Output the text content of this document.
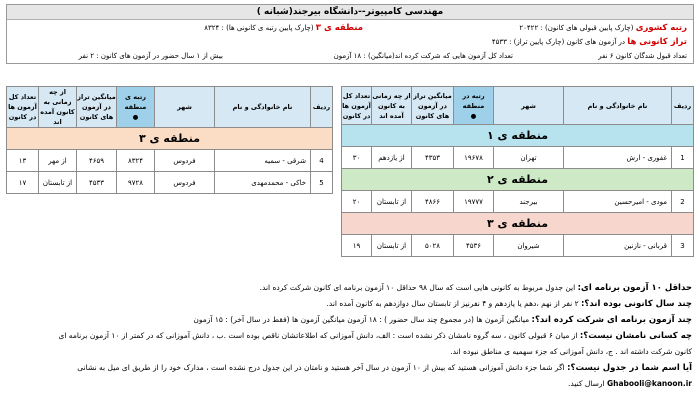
مهندسی کامپیوتر--دانشگاه بیرجند(شبانه )
رتبه کشوری (چارک پایین قبولی های کانون) : ۲۰۴۲۲
منطقه ی ۳ (چارک پایین رتبه ی کانونی ها) : ۸۳۲۴
تراز کانونی ها در آزمون های کانون (چارک پایین تراز) : ۴۵۳۳
تعداد قبول شدگان کانون ۶ نفر
تعداد کل آزمون هایی که شرکت کرده اند(میانگین) : ۱۸ آزمون
بیش از ۱ سال حضور در آزمون های کانون : ۲ نفر
ردیف	نام خانوادگی و نام	شهر	رتبه در منطقه
●	میانگین تراز در آزمون های کانون	از چه زمانی به کانون آمده اند	تعداد کل آزمون ها در کانون
منطقه ی ۱						
1	غفوری - ارش	تهران	۱۹۶۷۸	۴۳۵۳	از یازدهم	۳۰
منطقه ی ۲						
2	مودی - امیرحسین	بیرجند	۱۹۷۷۷	۴۸۶۶	از تابستان	۲۰
منطقه ی ۳						
3	قربانی - نازنین	شیروان	۴۵۳۶	۵۰۲۸	از تابستان	۱۹
ردیف	نام خانوادگی و نام	شهر	رتبه ی منطقه
●	میانگین تراز در آزمون های کانون	از چه زمانی به کانون آمده اند	تعداد کل آزمون ها در کانون
منطقه ی ۳						
4	شرقی - سمیه	فردوس	۸۳۲۴	۴۶۵۹	از مهر	۱۳
5	خاکی - محمدمهدی	فردوس	۹۷۲۸	۴۵۳۳	از تابستان	۱۷
حداقل ۱۰ آزمون برنامه ای: این جدول مربوط به کانونی هایی است که سال ۹۸ حداقل ۱۰ آزمون برنامه ای کانون شرکت کرده اند.
چند سال کانونی بوده اند؟: ۲ نفر از نهم ،دهم یا یازدهم و ۴ نفرنیز از تابستان سال دوازدهم به کانون آمده اند.
چند آزمون برنامه ای شرکت کرده اند؟: میانگین آزمون ها (در مجموع چند سال حضور ) : ۱۸ آزمون میانگین آزمون ها (فقط در سال آخر) : ۱۵ آزمون
چه کسانی نامشان نیست؟: از میان ۶ قبولی کانون ، سه گروه نامشان ذکر نشده است : الف، دانش آموزانی که اطلاعاتشان ناقص بوده است .ب ، دانش آموزانی که در کمتر از ۱۰ آزمون برنامه ای
کانون شرکت داشته اند . ج، دانش آموزانی که جزء سهمیه ی مناطق نبوده اند.
آیا اسم شما در جدول نیست؟: اگر شما جزء دانش آموزانی هستید که بیش از ۱۰ آزمون در سال آخر هستید و نامتان در این جدول درج نشده است ، مدارک خود را از طریق ای میل به نشانی
Ghabooli@kanoon.ir ارسال کنید.
